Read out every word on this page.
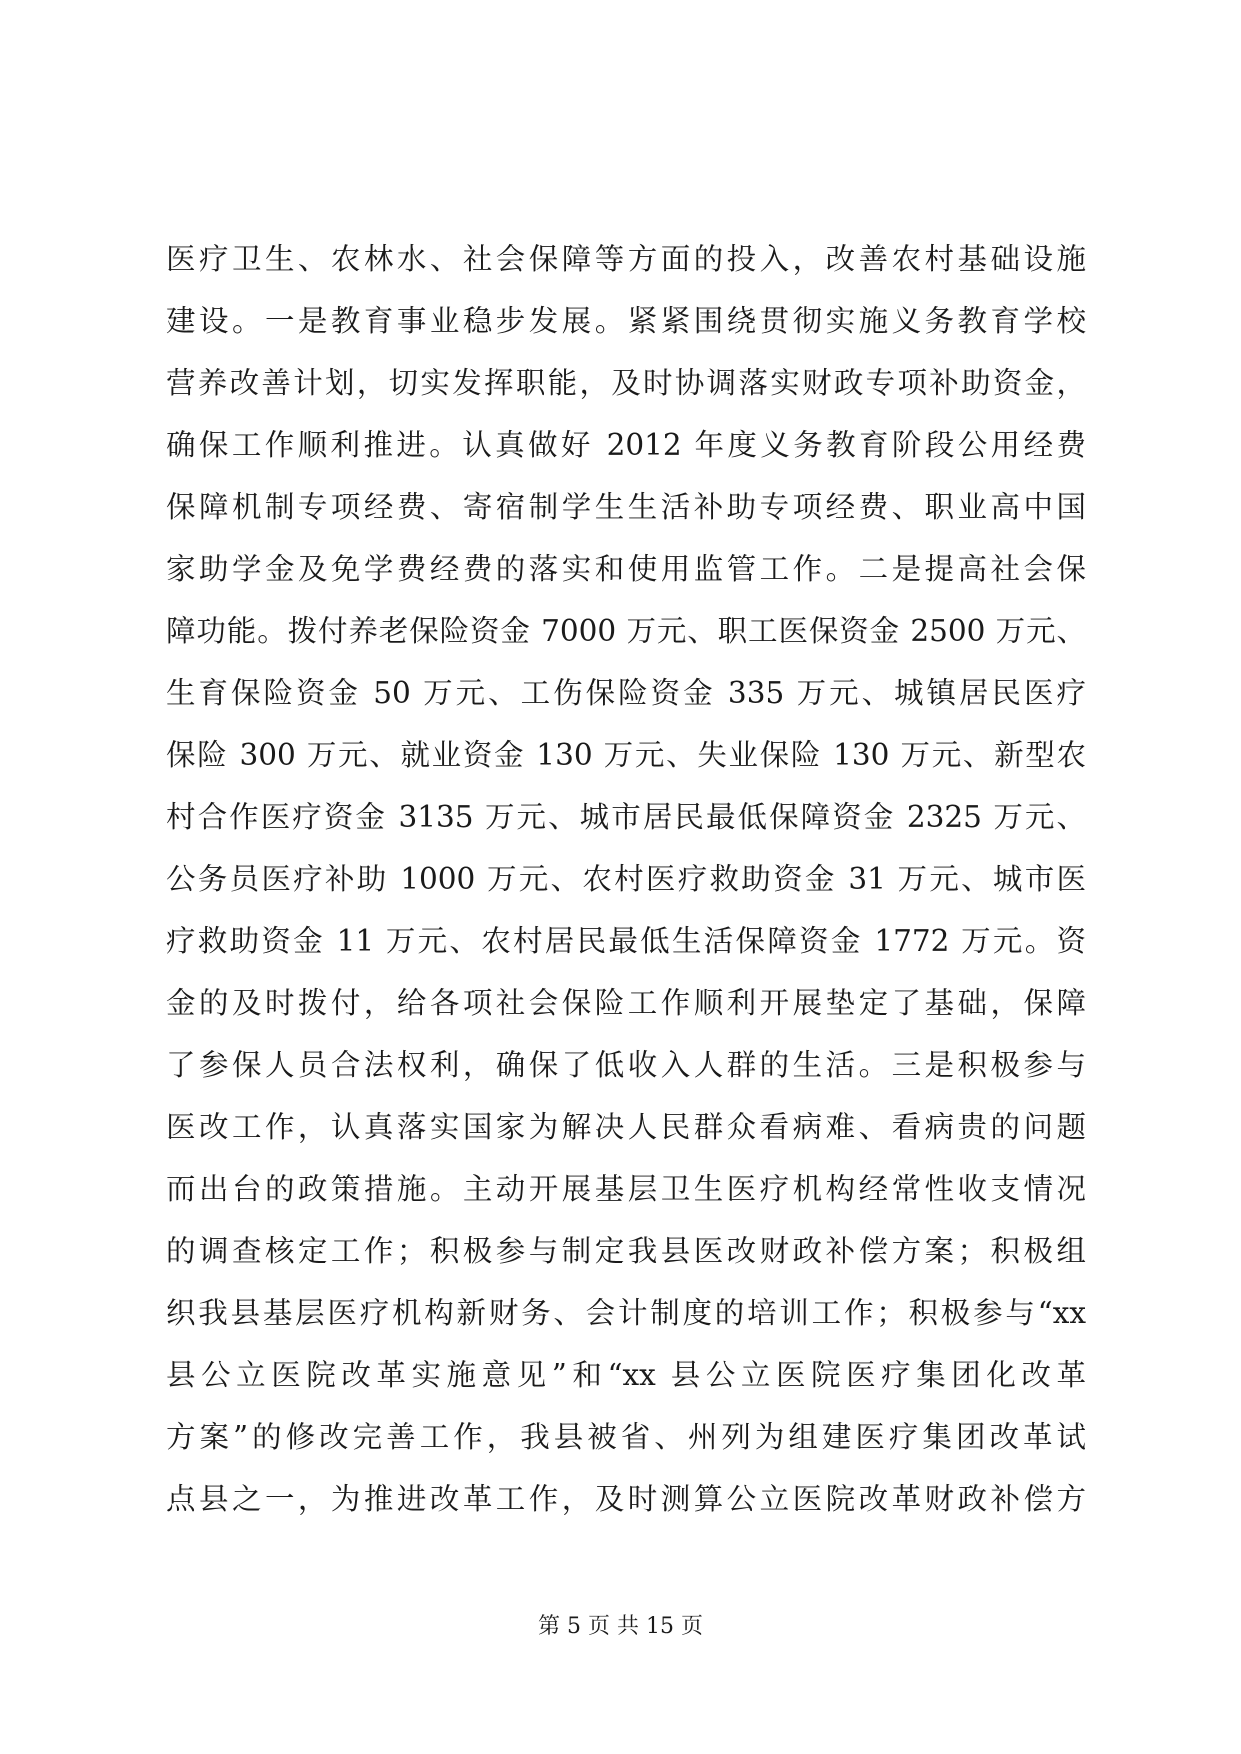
医疗卫生、农林水、社会保障等方面的投入，改善农村基础设施
建设。一是教育事业稳步发展。紧紧围绕贯彻实施义务教育学校
营养改善计划，切实发挥职能，及时协调落实财政专项补助资金，
确保工作顺利推进。认真做好 2012 年度义务教育阶段公用经费
保障机制专项经费、寄宿制学生生活补助专项经费、职业高中国
家助学金及免学费经费的落实和使用监管工作。二是提高社会保
障功能。拨付养老保险资金 7000 万元、职工医保资金 2500 万元、
生育保险资金 50 万元、工伤保险资金 335 万元、城镇居民医疗
保险 300 万元、就业资金 130 万元、失业保险 130 万元、新型农
村合作医疗资金 3135 万元、城市居民最低保障资金 2325 万元、
公务员医疗补助 1000 万元、农村医疗救助资金 31 万元、城市医
疗救助资金 11 万元、农村居民最低生活保障资金 1772 万元。资
金的及时拨付，给各项社会保险工作顺利开展垫定了基础，保障
了参保人员合法权利，确保了低收入人群的生活。三是积极参与
医改工作，认真落实国家为解决人民群众看病难、看病贵的问题
而出台的政策措施。主动开展基层卫生医疗机构经常性收支情况
的调查核定工作；积极参与制定我县医改财政补偿方案；积极组
织我县基层医疗机构新财务、会计制度的培训工作；积极参与“xx
县公立医院改革实施意见”和“xx 县公立医院医疗集团化改革
方案”的修改完善工作，我县被省、州列为组建医疗集团改革试
点县之一，为推进改革工作，及时测算公立医院改革财政补偿方
第 5 页 共 15 页
